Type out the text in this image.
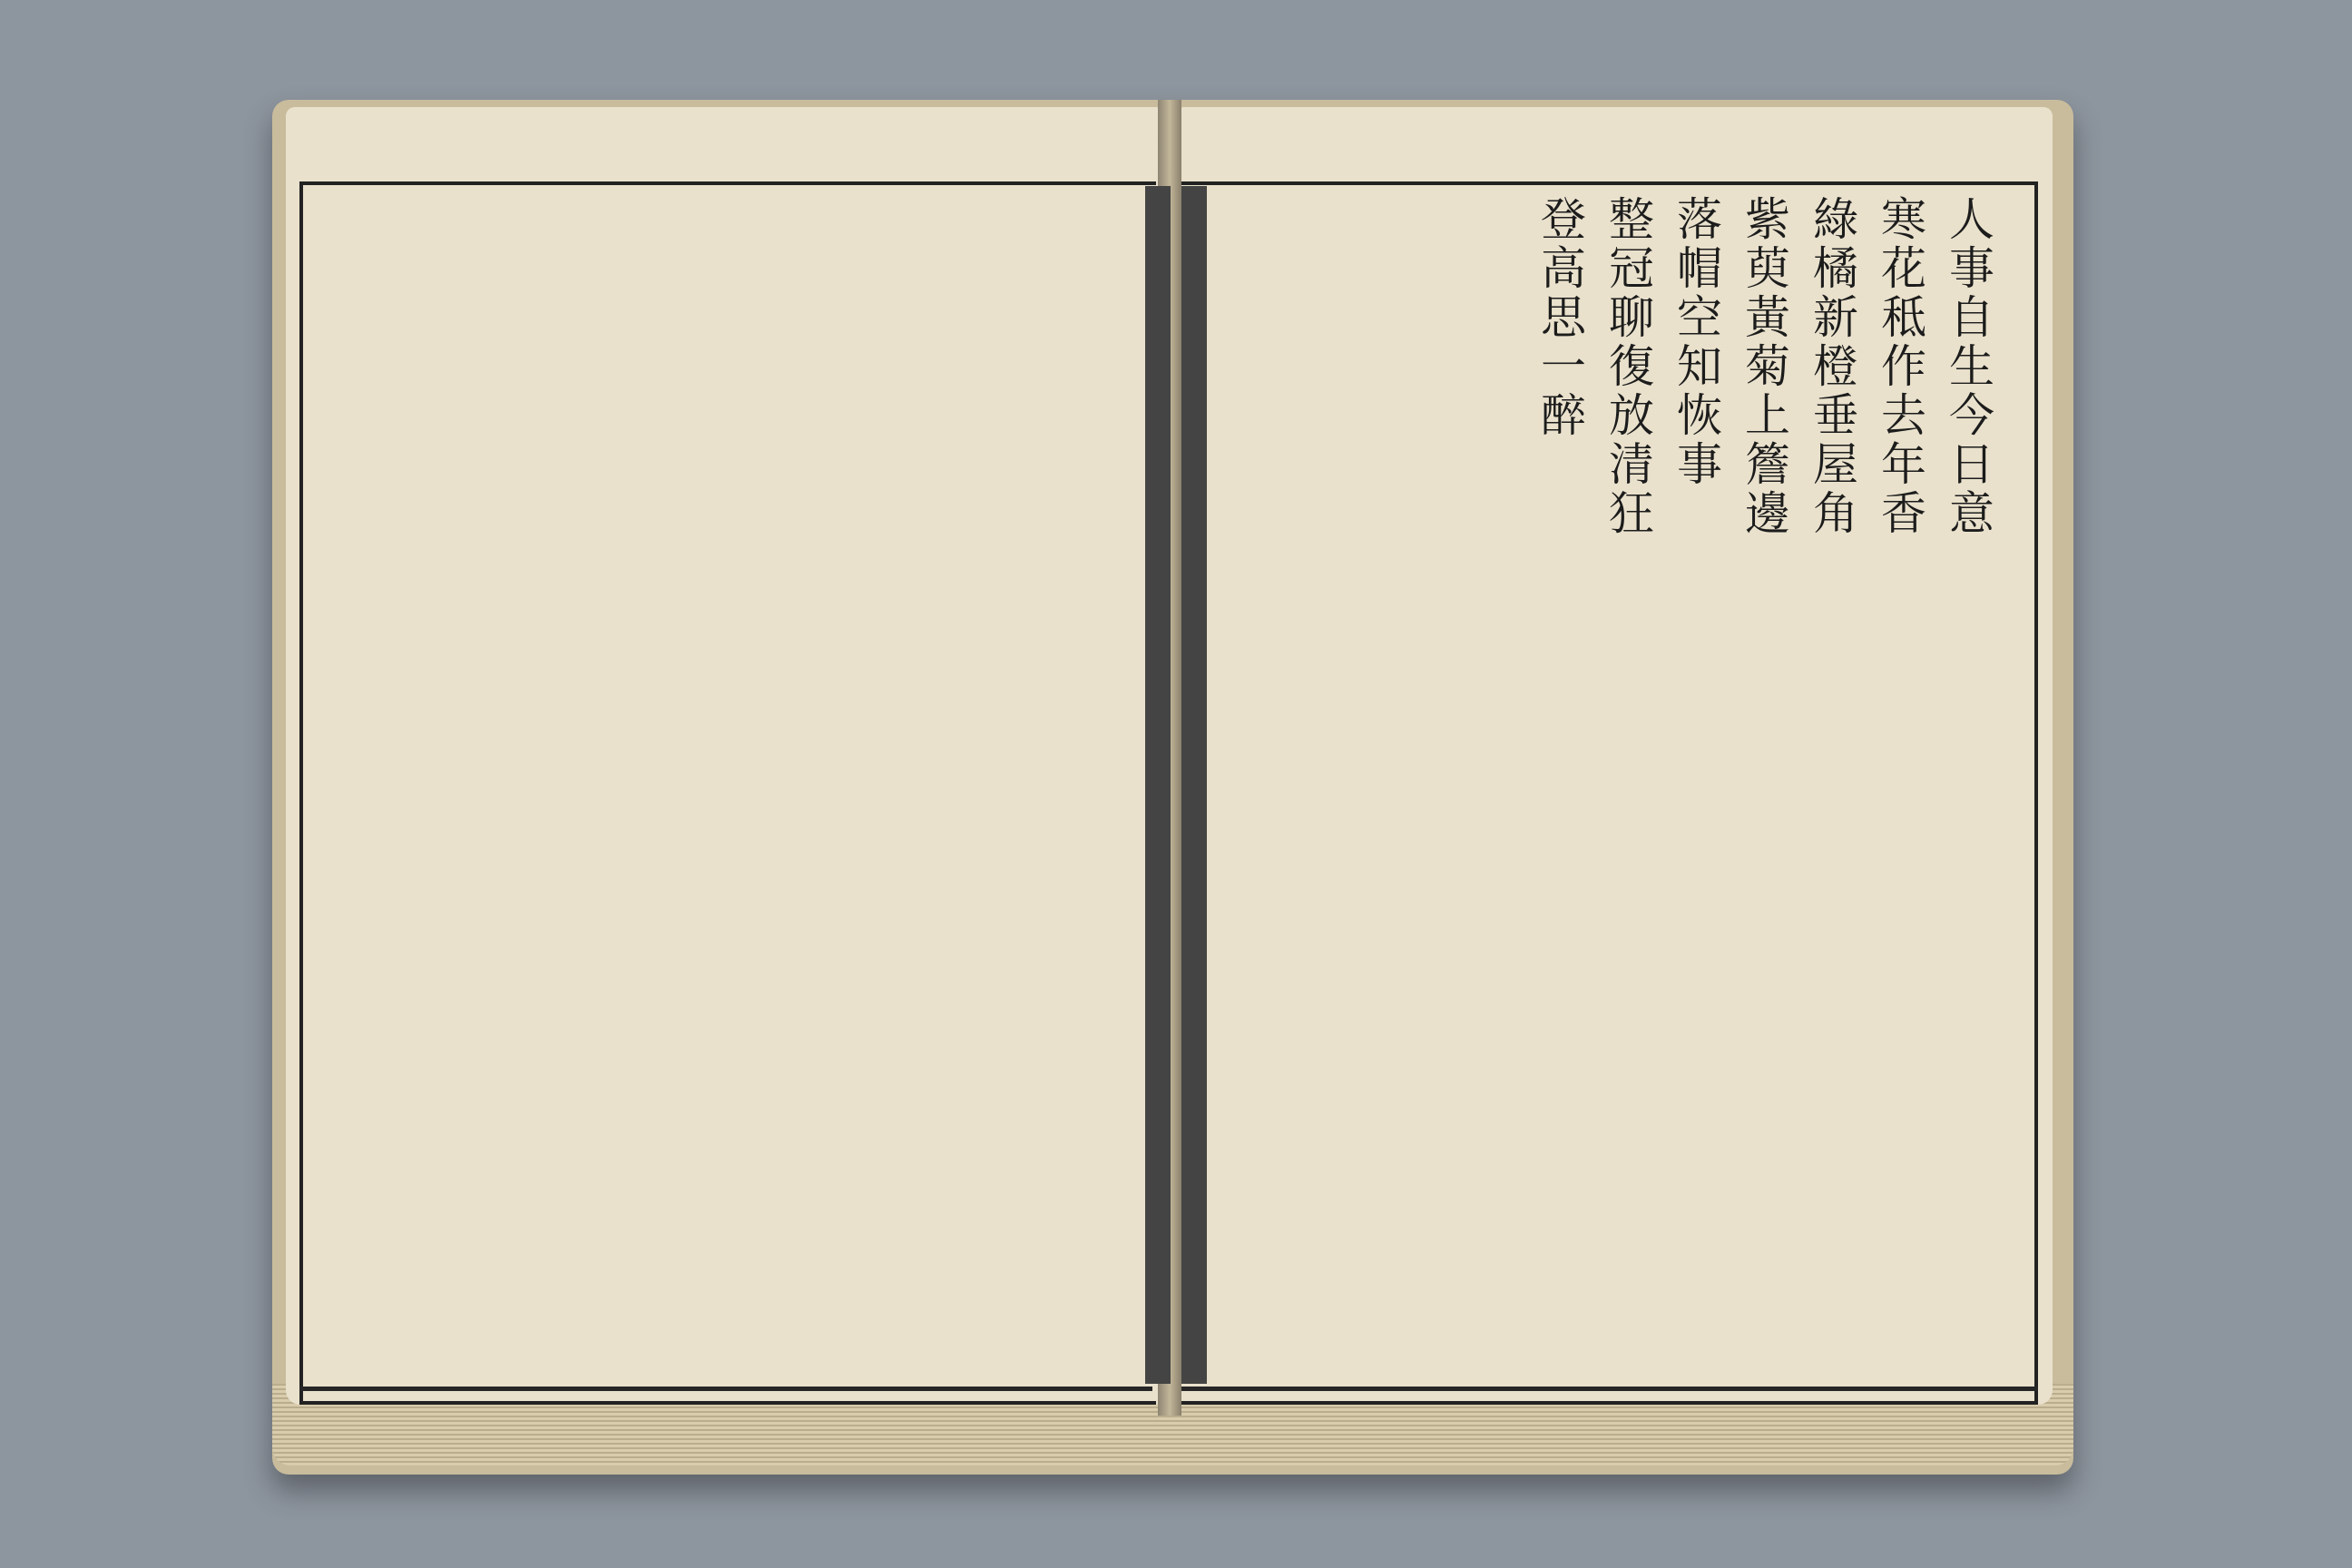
人事自生今日意
寒花秪作去年香
綠橘新橙垂屋角
紫萸黃菊上簷邊
落帽空知恢事
整冠聊復放清狂
登高思一醉
